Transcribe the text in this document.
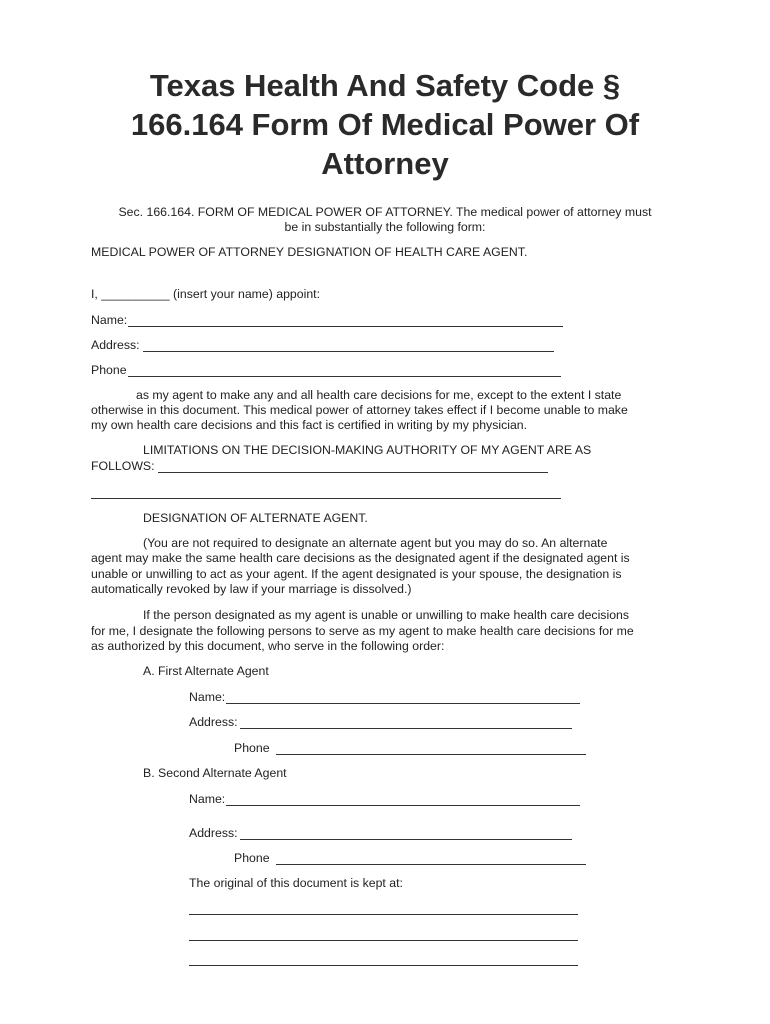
Texas Health And Safety Code § 166.164 Form Of Medical Power Of Attorney
Sec. 166.164. FORM OF MEDICAL POWER OF ATTORNEY. The medical power of attorney must
be in substantially the following form:
MEDICAL POWER OF ATTORNEY DESIGNATION OF HEALTH CARE AGENT.
I, __________ (insert your name) appoint:
Name:
Address:
Phone
as my agent to make any and all health care decisions for me, except to the extent I state
otherwise in this document. This medical power of attorney takes effect if I become unable to make
my own health care decisions and this fact is certified in writing by my physician.
LIMITATIONS ON THE DECISION-MAKING AUTHORITY OF MY AGENT ARE AS
FOLLOWS:
DESIGNATION OF ALTERNATE AGENT.
(You are not required to designate an alternate agent but you may do so. An alternate
agent may make the same health care decisions as the designated agent if the designated agent is
unable or unwilling to act as your agent. If the agent designated is your spouse, the designation is
automatically revoked by law if your marriage is dissolved.)
If the person designated as my agent is unable or unwilling to make health care decisions
for me, I designate the following persons to serve as my agent to make health care decisions for me
as authorized by this document, who serve in the following order:
A. First Alternate Agent
Name:
Address:
Phone
B. Second Alternate Agent
Name:
Address:
Phone
The original of this document is kept at:
